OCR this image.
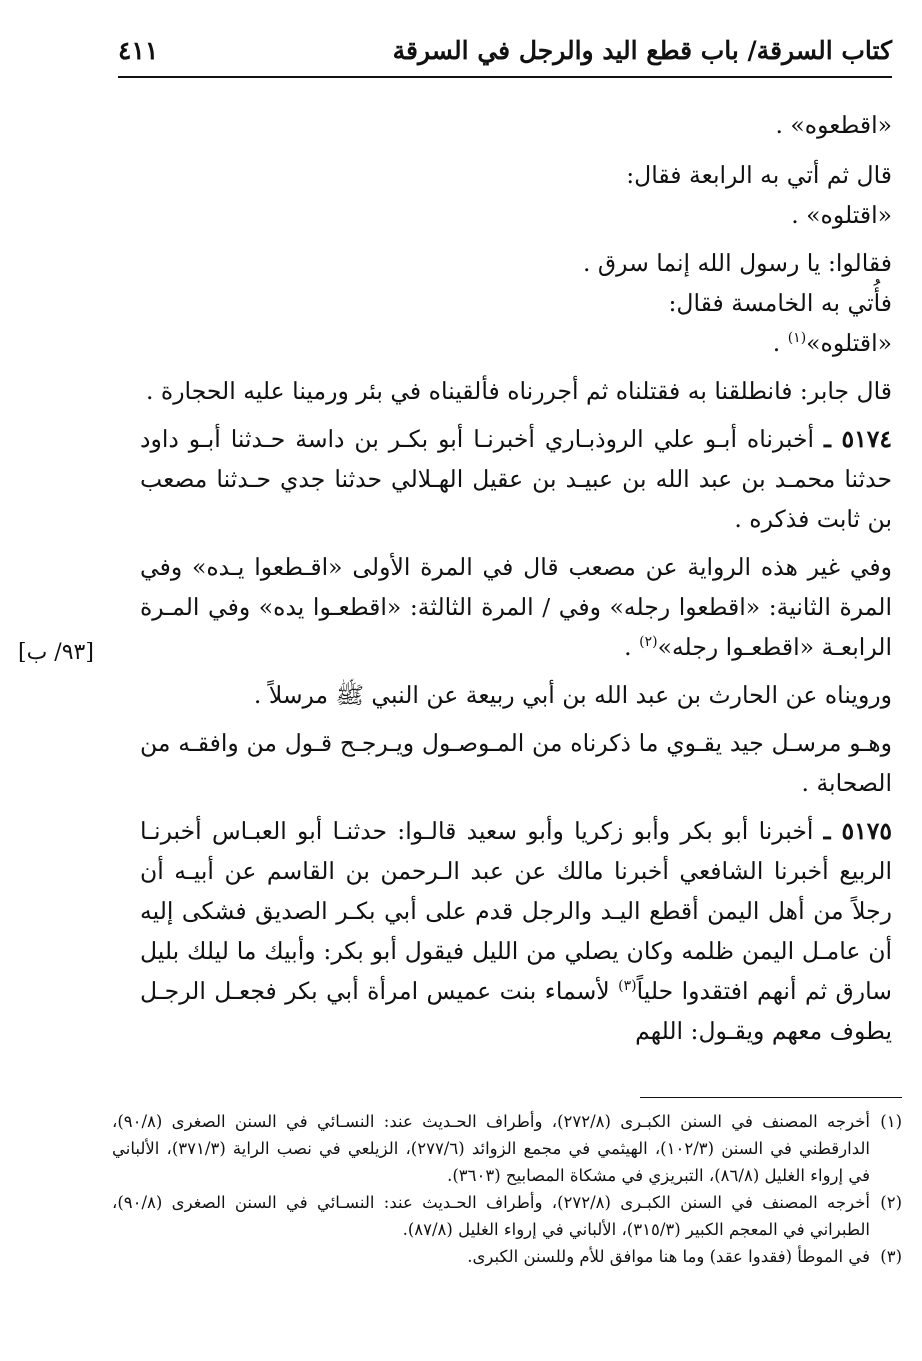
كتاب السرقة/ باب قطع اليد والرجل في السرقة
٤١١

«اقطعوه» .

قال ثم أتي به الرابعة فقال:

«اقتلوه» .

فقالوا: يا رسول الله إنما سرق .

فأُتي به الخامسة فقال:

«اقتلوه»$^{(١)}$ .

قال جابر: فانطلقنا به فقتلناه ثم أجررناه فألقيناه في بئر ورمينا عليه الحجارة .

٥١٧٤ ـ أخبرناه أبـو علي الروذبـاري أخبرنـا أبو بكـر بن داسة حـدثنا أبـو داود حدثنا محمـد بن عبد الله بن عبيـد بن عقيل الهـلالي حدثنا جدي حـدثنا مصعب بن ثابت فذكره .

وفي غير هذه الرواية عن مصعب قال في المرة الأولى «اقـطعوا يـده» وفي المرة الثانية: «اقطعوا رجله» وفي / المرة الثالثة: «اقطعـوا يده» وفي المـرة الرابعـة «اقطعـوا رجله»$^{(٢)}$ .

ورويناه عن الحارث بن عبد الله بن أبي ربيعة عن النبي ﷺ مرسلاً .

وهـو مرسـل جيد يقـوي ما ذكرناه من المـوصـول ويـرجـح قـول من وافقـه من الصحابة .

٥١٧٥ ـ أخبرنا أبو بكر وأبو زكريا وأبو سعيد قالـوا: حدثنـا أبو العبـاس أخبرنـا الربيع أخبرنا الشافعي أخبرنا مالك عن عبد الـرحمن بن القاسم عن أبيـه أن رجلاً من أهل اليمن أقطع اليـد والرجل قدم على أبي بكـر الصديق فشكى إليه أن عامـل اليمن ظلمه وكان يصلي من الليل فيقول أبو بكر: وأبيك ما ليلك بليل سارق ثم أنهم افتقدوا حلياً$^{(٣)}$ لأسماء بنت عميس امرأة أبي بكر فجعـل الرجـل يطوف معهم ويقـول: اللهم

[٩٣/ ب]
(١)
أخرجه المصنف في السنن الكبـرى (٢٧٢/٨)، وأطراف الحـديث عند: النسـائي في السنن الصغرى (٩٠/٨)، الدارقطني في السنن (١٠٢/٣)، الهيثمي في مجمع الزوائد (٢٧٧/٦)، الزيلعي في نصب الراية (٣٧١/٣)، الألباني في إرواء الغليل (٨٦/٨)، التبريزي في مشكاة المصابيح (٣٦٠٣).
(٢)
أخرجه المصنف في السنن الكبـرى (٢٧٢/٨)، وأطراف الحـديث عند: النسـائي في السنن الصغرى (٩٠/٨)، الطبراني في المعجم الكبير (٣١٥/٣)، الألباني في إرواء الغليل (٨٧/٨).
(٣)
في الموطأ (فقدوا عقد) وما هنا موافق للأم وللسنن الكبرى.
